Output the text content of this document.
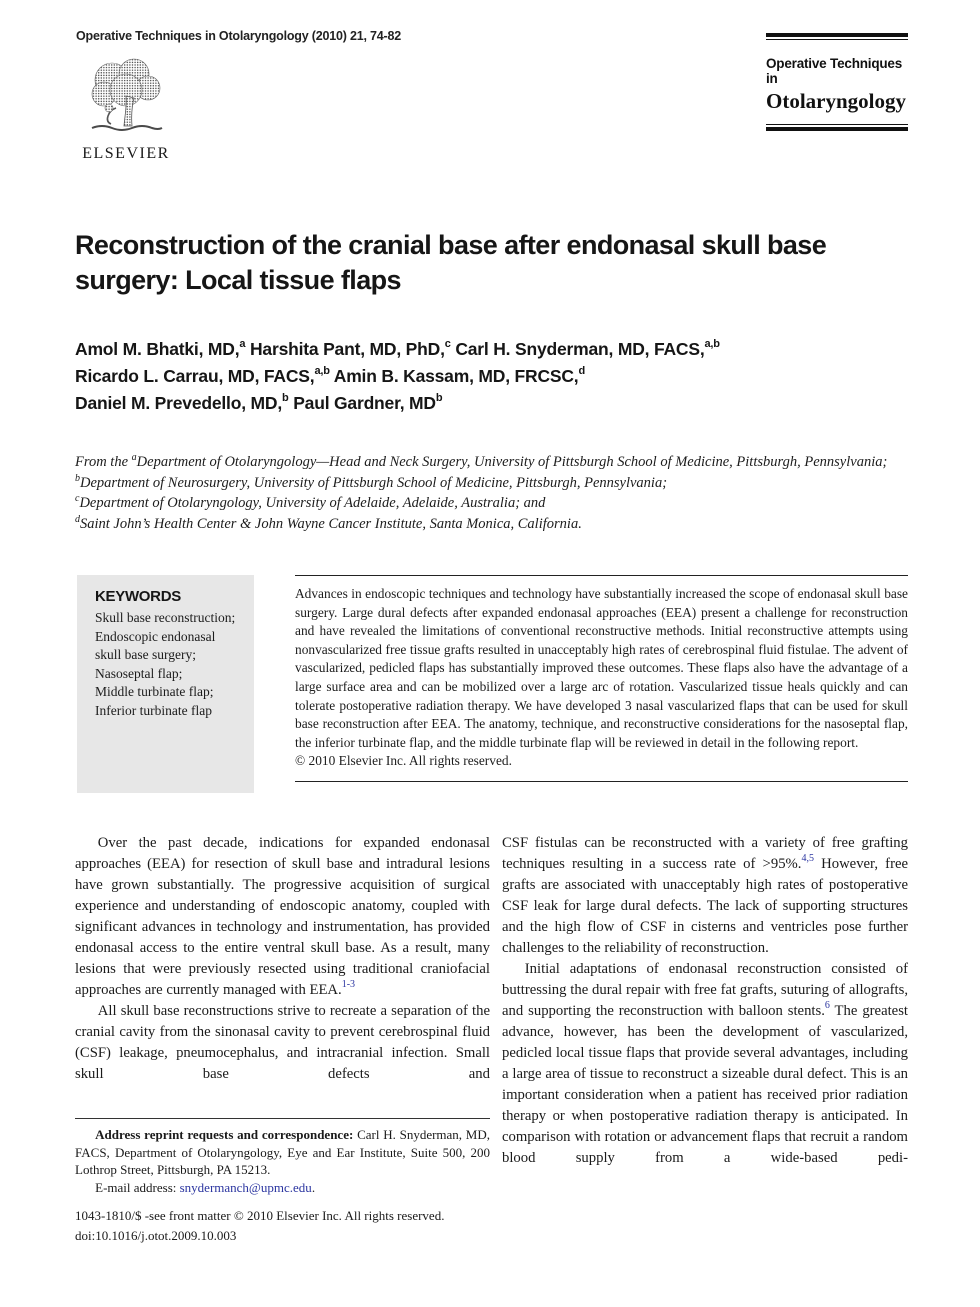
Operative Techniques in Otolaryngology (2010) 21, 74-82
ELSEVIER
Operative Techniques in
Otolaryngology
Reconstruction of the cranial base after endonasal skull base surgery: Local tissue flaps
Amol M. Bhatki, MD,$^a$ Harshita Pant, MD, PhD,$^c$ Carl H. Snyderman, MD, FACS,$^{a,b}$
Ricardo L. Carrau, MD, FACS,$^{a,b}$ Amin B. Kassam, MD, FRCSC,$^d$
Daniel M. Prevedello, MD,$^b$ Paul Gardner, $MD^b$
From the $^a$Department of Otolaryngology—Head and Neck Surgery, University of Pittsburgh School of Medicine, Pittsburgh, Pennsylvania;
$^b$Department of Neurosurgery, University of Pittsburgh School of Medicine, Pittsburgh, Pennsylvania;
$^c$Department of Otolaryngology, University of Adelaide, Adelaide, Australia; and
$^d$Saint John’s Health Center & John Wayne Cancer Institute, Santa Monica, California.
KEYWORDS
Skull base reconstruction;
Endoscopic endonasal skull base surgery;
Nasoseptal flap;
Middle turbinate flap;
Inferior turbinate flap
Advances in endoscopic techniques and technology have substantially increased the scope of endonasal skull base surgery. Large dural defects after expanded endonasal approaches (EEA) present a challenge for reconstruction and have revealed the limitations of conventional reconstructive methods. Initial reconstructive attempts using nonvascularized free tissue grafts resulted in unacceptably high rates of cerebrospinal fluid fistulae. The advent of vascularized, pedicled flaps has substantially improved these outcomes. These flaps also have the advantage of a large surface area and can be mobilized over a large arc of rotation. Vascularized tissue heals quickly and can tolerate postoperative radiation therapy. We have developed 3 nasal vascularized flaps that can be used for skull base reconstruction after EEA. The anatomy, technique, and reconstructive considerations for the nasoseptal flap, the inferior turbinate flap, and the middle turbinate flap will be reviewed in detail in the following report.
© 2010 Elsevier Inc. All rights reserved.

Over the past decade, indications for expanded endonasal approaches (EEA) for resection of skull base and intradural lesions have grown substantially. The progressive acquisition of surgical experience and understanding of endoscopic anatomy, coupled with significant advances in technology and instrumentation, has provided endonasal access to the entire ventral skull base. As a result, many lesions that were previously resected using traditional craniofacial approaches are currently managed with EEA.$^{1-3}$

All skull base reconstructions strive to recreate a separation of the cranial cavity from the sinonasal cavity to prevent cerebrospinal fluid (CSF) leakage, pneumocephalus, and intracranial infection. Small skull base defects and

CSF fistulas can be reconstructed with a variety of free grafting techniques resulting in a success rate of >95%.$^{4,5}$ However, free grafts are associated with unacceptably high rates of postoperative CSF leak for large dural defects. The lack of supporting structures and the high flow of CSF in cisterns and ventricles pose further challenges to the reliability of reconstruction.

Initial adaptations of endonasal reconstruction consisted of buttressing the dural repair with free fat grafts, suturing of allografts, and supporting the reconstruction with balloon stents.$^6$ The greatest advance, however, has been the development of vascularized, pedicled local tissue flaps that provide several advantages, including a large area of tissue to reconstruct a sizeable dural defect. This is an important consideration when a patient has received prior radiation therapy or when postoperative radiation therapy is anticipated. In comparison with rotation or advancement flaps that recruit a random blood supply from a wide-based pedi-

Address reprint requests and correspondence: Carl H. Snyderman, MD, FACS, Department of Otolaryngology, Eye and Ear Institute, Suite 500, 200 Lothrop Street, Pittsburgh, PA 15213.

E-mail address: snydermanch@upmc.edu.

1043-1810/$ -see front matter © 2010 Elsevier Inc. All rights reserved.
doi:10.1016/j.otot.2009.10.003
